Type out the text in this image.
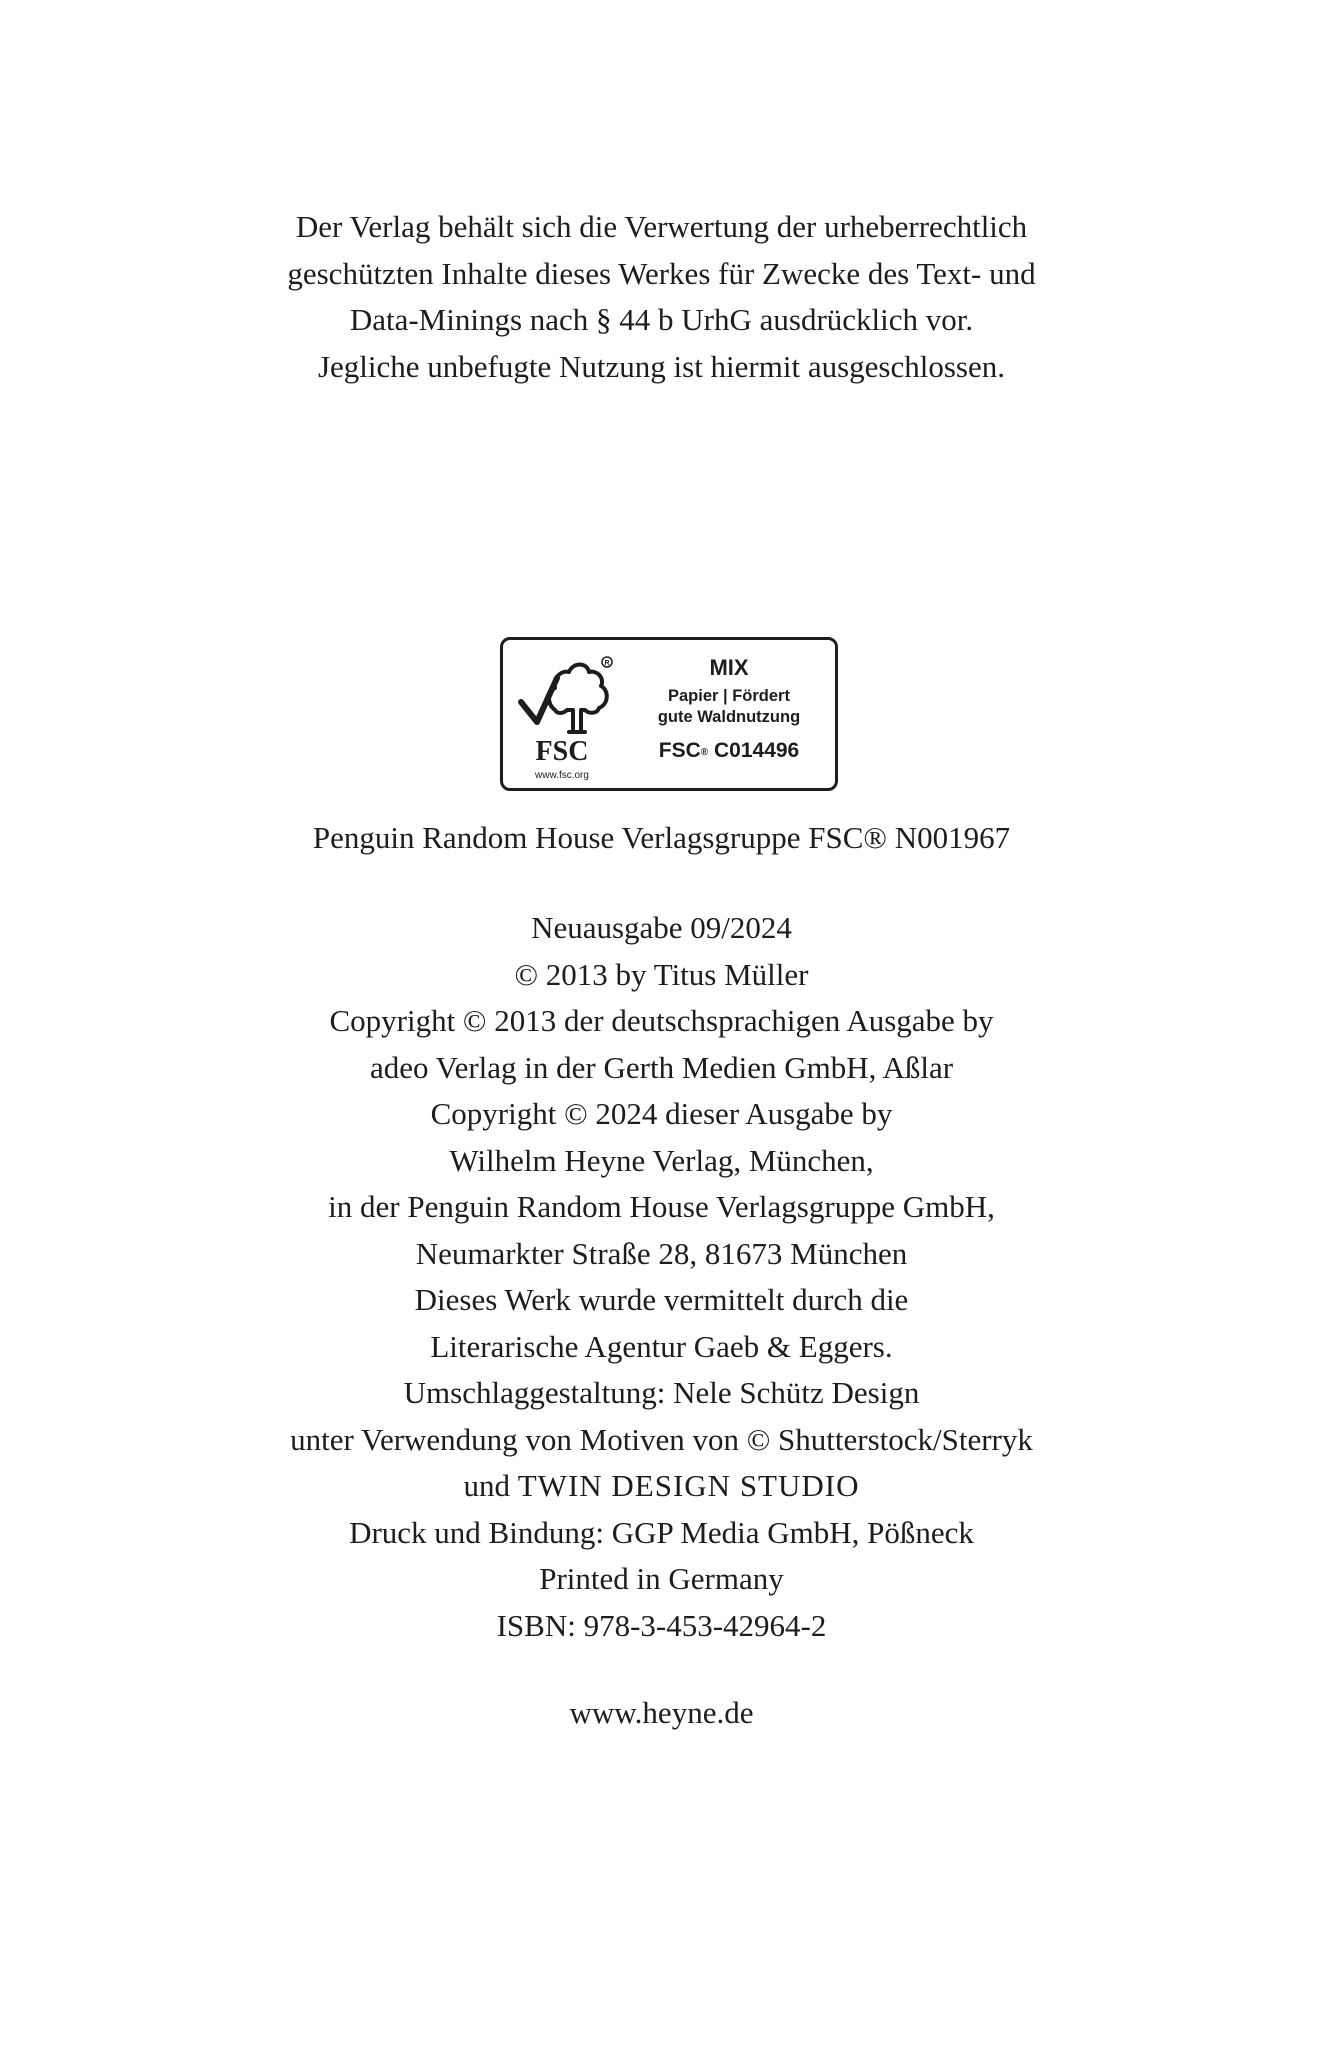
Der Verlag behält sich die Verwertung der urheberrechtlich
geschützten Inhalte dieses Werkes für Zwecke des Text- und
Data-Minings nach § 44 b UrhG ausdrücklich vor.
Jegliche unbefugte Nutzung ist hiermit ausgeschlossen.
R
FSC
www.fsc.org
MIX
Papier | Fördert
gute Waldnutzung
FSC® C014496
Penguin Random House Verlagsgruppe FSC® N001967
Neuausgabe 09/2024
© 2013 by Titus Müller
Copyright © 2013 der deutschsprachigen Ausgabe by
adeo Verlag in der Gerth Medien GmbH, Aßlar
Copyright © 2024 dieser Ausgabe by
Wilhelm Heyne Verlag, München,
in der Penguin Random House Verlagsgruppe GmbH,
Neumarkter Straße 28, 81673 München
Dieses Werk wurde vermittelt durch die
Literarische Agentur Gaeb & Eggers.
Umschlaggestaltung: Nele Schütz Design
unter Verwendung von Motiven von © Shutterstock/Sterryk
und TWIN DESIGN STUDIO
Druck und Bindung: GGP Media GmbH, Pößneck
Printed in Germany
ISBN: 978-3-453-42964-2
www.heyne.de
